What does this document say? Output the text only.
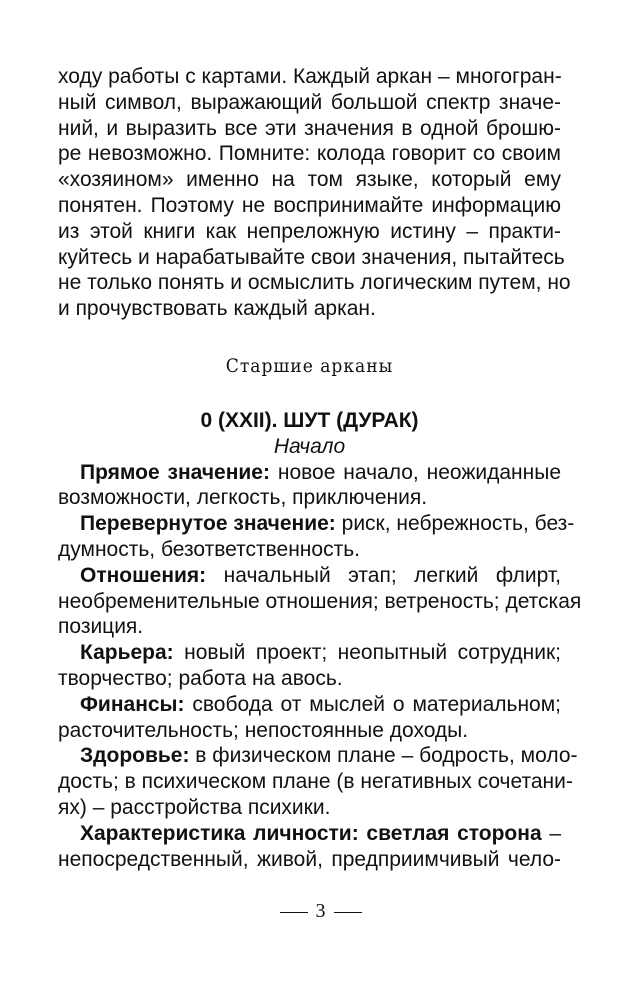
ходу работы с картами. Каждый аркан – многогран-
ный символ, выражающий большой спектр значе-
ний, и выразить все эти значения в одной брошю-
ре невозможно. Помните: колода говорит со своим
«хозяином» именно на том языке, который ему
понятен. Поэтому не воспринимайте информацию
из этой книги как непреложную истину – практи-
куйтесь и нарабатывайте свои значения, пытайтесь
не только понять и осмыслить логическим путем, но
и прочувствовать каждый аркан.
Старшие арканы
0 (XXII). ШУТ (ДУРАК)
Начало
Прямое значение: новое начало, неожиданные
возможности, легкость, приключения.
Перевернутое значение: риск, небрежность, без-
думность, безответственность.
Отношения: начальный этап; легкий флирт,
необременительные отношения; ветреность; детская
позиция.
Карьера: новый проект; неопытный сотрудник;
творчество; работа на авось.
Финансы: свобода от мыслей о материальном;
расточительность; непостоянные доходы.
Здоровье: в физическом плане – бодрость, моло-
дость; в психическом плане (в негативных сочетани-
ях) – расстройства психики.
Характеристика личности: светлая сторона –
непосредственный, живой, предприимчивый чело-
3
